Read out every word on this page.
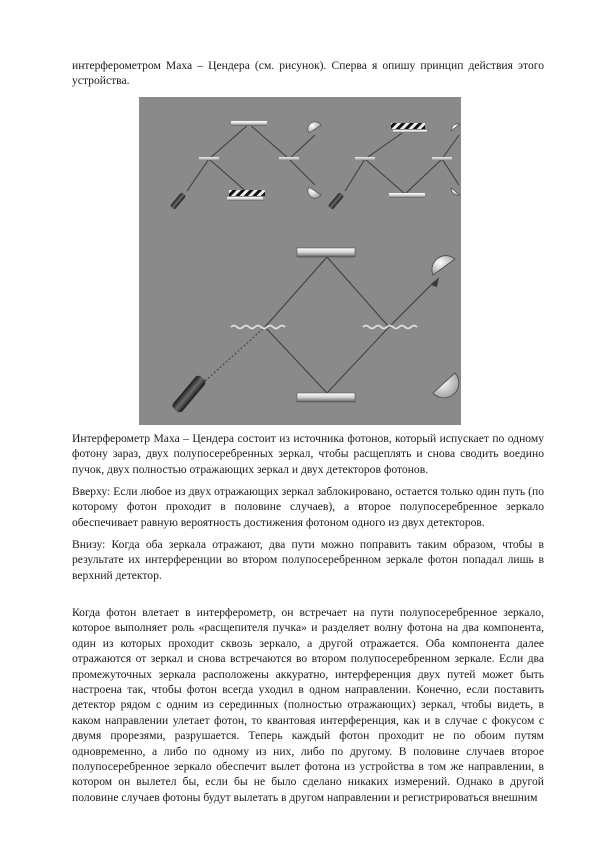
интерферометром Маха – Цендера (см. рисунок). Сперва я опишу принцип действия этого устройства.

Интерферометр Маха – Цендера состоит из источника фотонов, который испускает по одному фотону зараз, двух полупосеребренных зеркал, чтобы расщеплять и снова сводить воедино пучок, двух полностью отражающих зеркал и двух детекторов фотонов.

Вверху: Если любое из двух отражающих зеркал заблокировано, остается только один путь (по которому фотон проходит в половине случаев), а второе полупосеребренное зеркало обеспечивает равную вероятность достижения фотоном одного из двух детекторов.

Внизу: Когда оба зеркала отражают, два пути можно поправить таким образом, чтобы в результате их интерференции во втором полупосеребренном зеркале фотон попадал лишь в верхний детектор.

Когда фотон влетает в интерферометр, он встречает на пути полупосеребренное зеркало, которое выполняет роль «расщепителя пучка» и разделяет волну фотона на два компонента, один из которых проходит сквозь зеркало, а другой отражается. Оба компонента далее отражаются от зеркал и снова встречаются во втором полупосеребренном зеркале. Если два промежуточных зеркала расположены аккуратно, интерференция двух путей может быть настроена так, чтобы фотон всегда уходил в одном направлении. Конечно, если поставить детектор рядом с одним из серединных (полностью отражающих) зеркал, чтобы видеть, в каком направлении улетает фотон, то квантовая интерференция, как и в случае с фокусом с двумя прорезями, разрушается. Теперь каждый фотон проходит не по обоим путям одновременно, а либо по одному из них, либо по другому. В половине случаев второе полупосеребренное зеркало обеспечит вылет фотона из устройства в том же направлении, в котором он вылетел бы, если бы не было сделано никаких измерений. Однако в другой половине случаев фотоны будут вылетать в другом направлении и регистрироваться внешним
